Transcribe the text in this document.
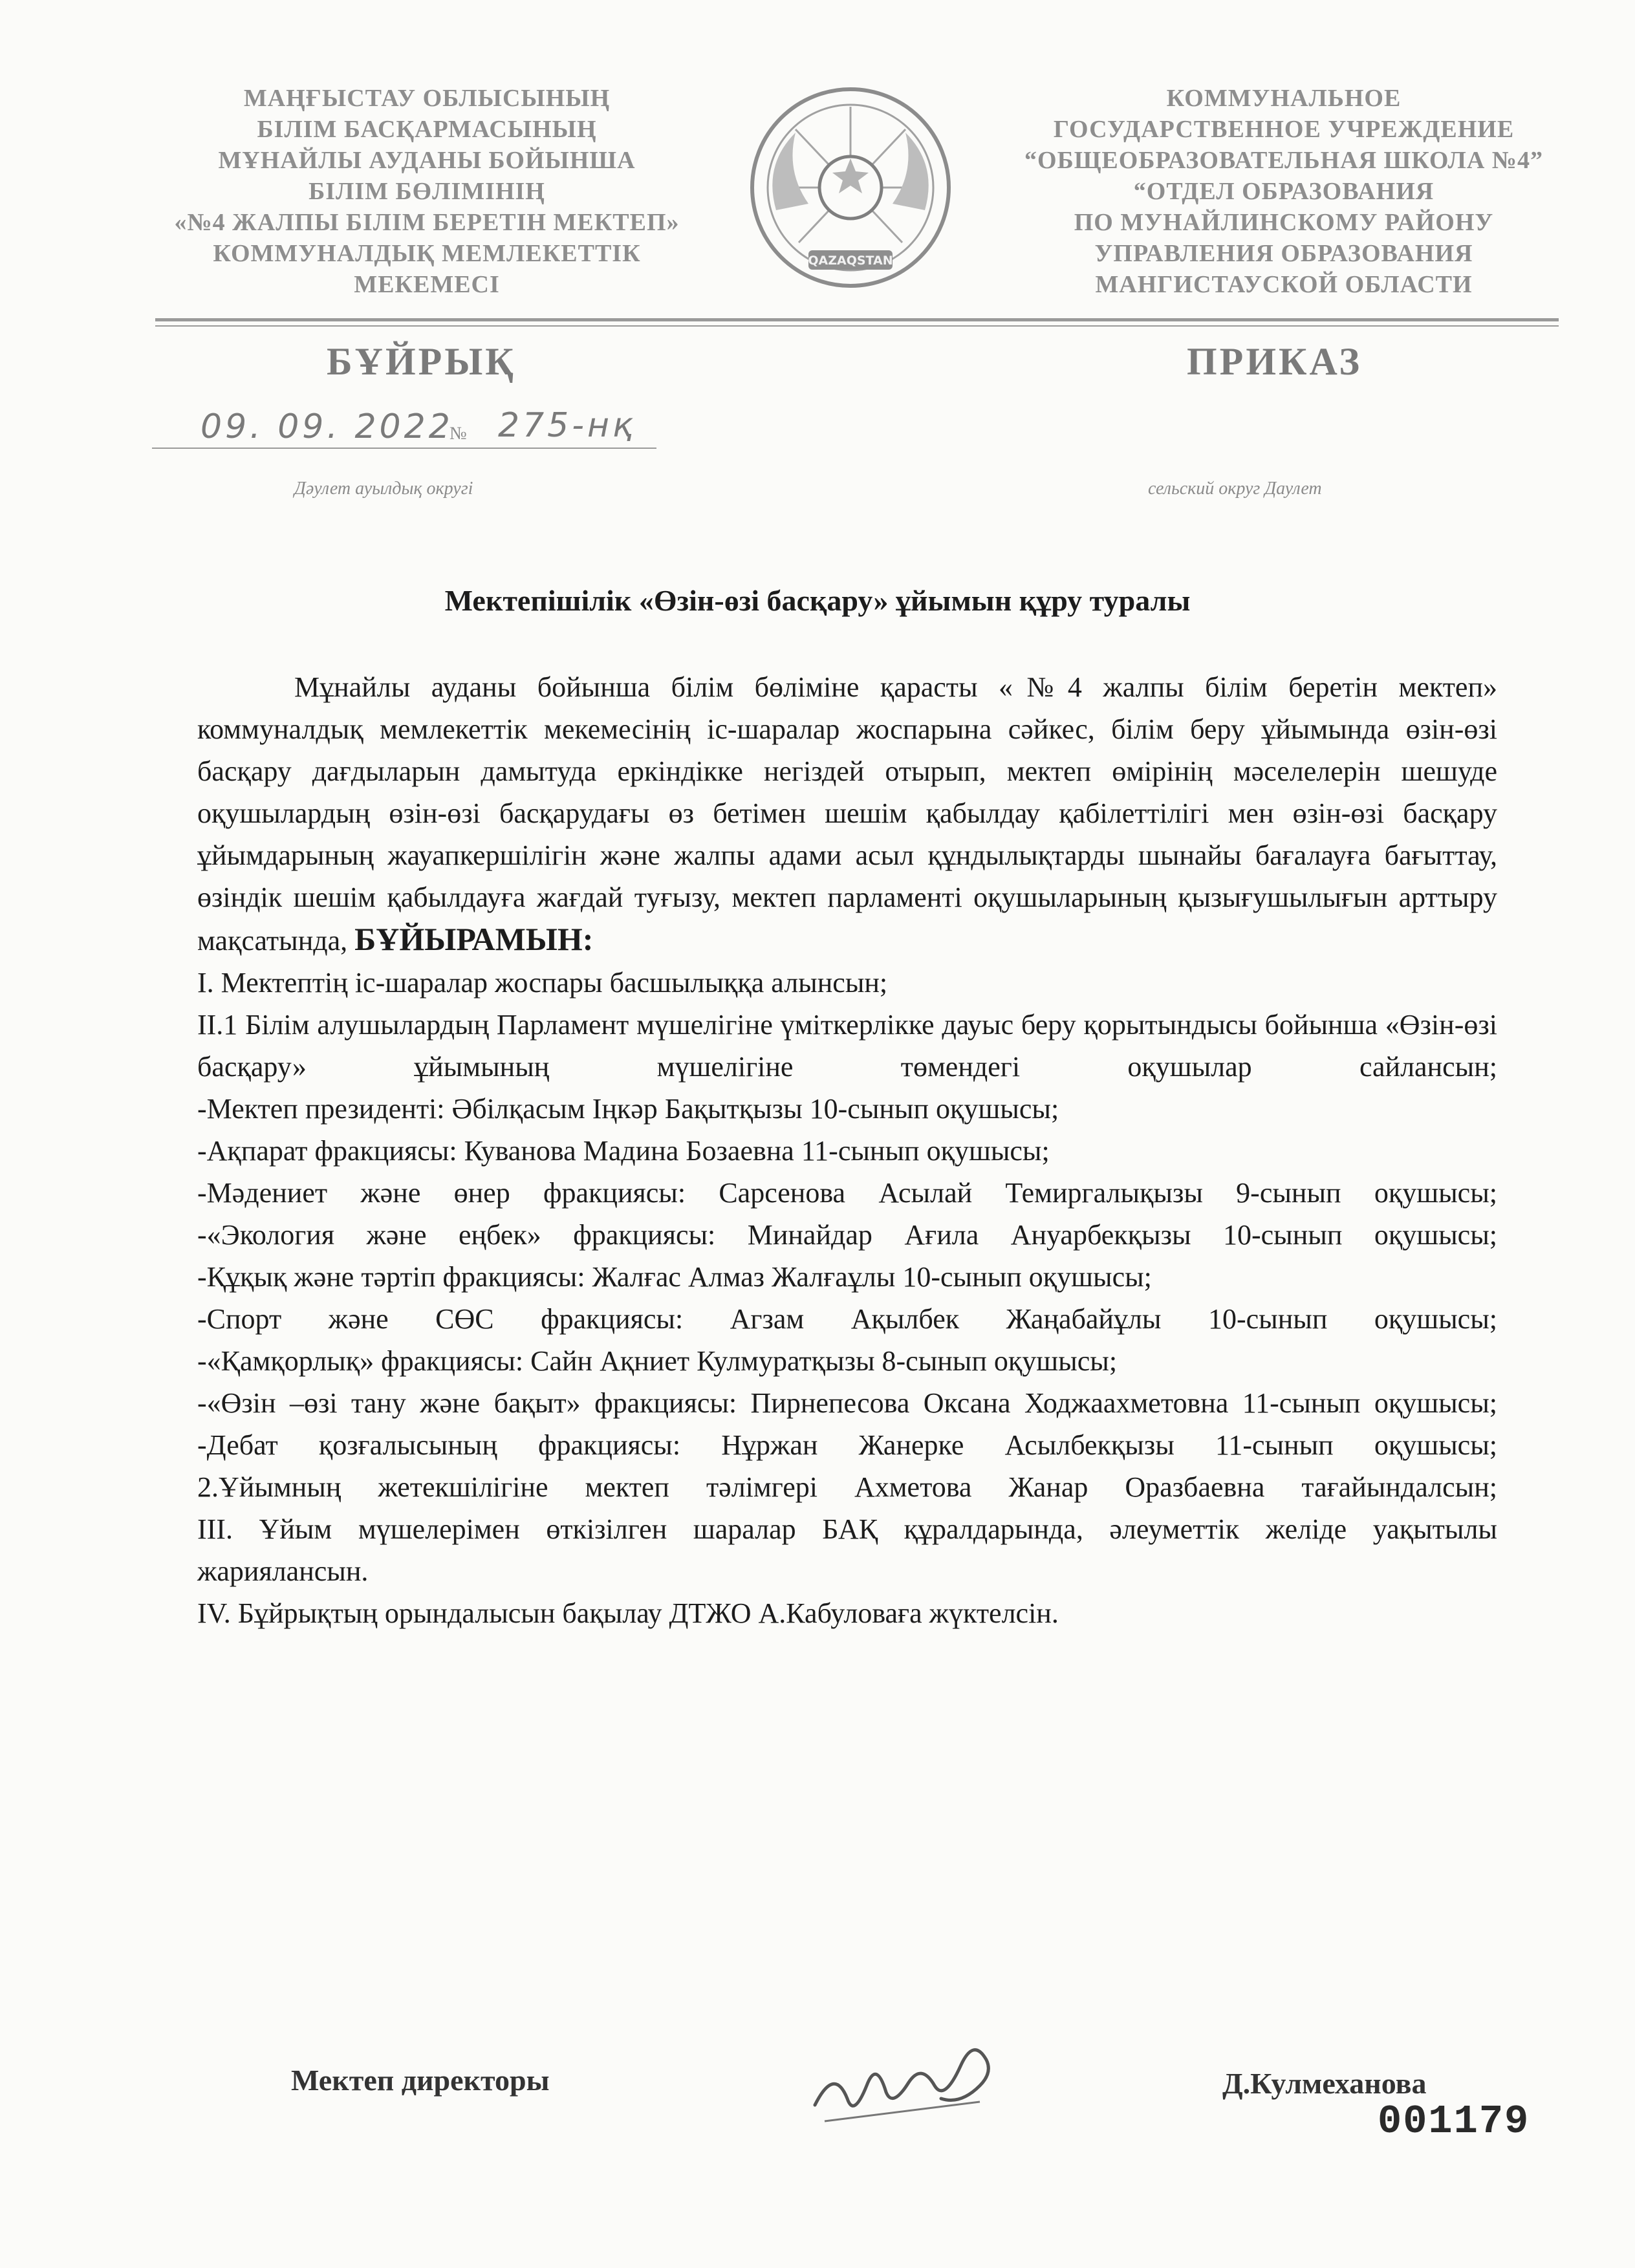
МАҢҒЫСТАУ ОБЛЫСЫНЫҢ
БІЛІМ БАСҚАРМАСЫНЫҢ
МҰНАЙЛЫ АУДАНЫ БОЙЫНША
БІЛІМ БӨЛІМІНІҢ
«№4 ЖАЛПЫ БІЛІМ БЕРЕТІН МЕКТЕП»
КОММУНАЛДЫҚ МЕМЛЕКЕТТІК
МЕКЕМЕСІ
QAZAQSTAN
КОММУНАЛЬНОЕ
ГОСУДАРСТВЕННОЕ УЧРЕЖДЕНИЕ
“ОБЩЕОБРАЗОВАТЕЛЬНАЯ ШКОЛА №4”
“ОТДЕЛ ОБРАЗОВАНИЯ
ПО МУНАЙЛИНСКОМУ РАЙОНУ
УПРАВЛЕНИЯ ОБРАЗОВАНИЯ
МАНГИСТАУСКОЙ ОБЛАСТИ
БҰЙРЫҚ	ПРИКАЗ
09. 09. 2022
№ 275-нқ
Дәулет ауылдық округі	сельский округ Даулет
Мектепішілік «Өзін-өзі басқару» ұйымын құру туралы

Мұнайлы ауданы бойынша білім бөліміне қарасты «№4 жалпы білім беретін мектеп» коммуналдық мемлекеттік мекемесінің іс-шаралар жоспарына сәйкес, білім беру ұйымында өзін-өзі басқару дағдыларын дамытуда еркіндікке негіздей отырып, мектеп өмірінің мәселелерін шешуде оқушылардың өзін-өзі басқарудағы өз бетімен шешім қабылдау қабілеттілігі мен өзін-өзі басқару ұйымдарының жауапкершілігін және жалпы адами асыл құндылықтарды шынайы бағалауға бағыттау, өзіндік шешім қабылдауға жағдай туғызу, мектеп парламенті оқушыларының қызығушылығын арттыру мақсатында, БҰЙЫРАМЫН:

I. Мектептің іс-шаралар жоспары басшылыққа алынсын;

II.1 Білім алушылардың Парламент мүшелігіне үміткерлікке дауыс беру қорытындысы бойынша «Өзін-өзі басқару» ұйымының мүшелігіне төмендегі оқушылар сайлансын;

-Мектеп президенті: Әбілқасым Іңкәр Бақытқызы 10-сынып оқушысы;

-Ақпарат фракциясы: Куванова Мадина Бозаевна 11-сынып оқушысы;

-Мәдениет және өнер фракциясы: Сарсенова Асылай Темиргалықызы 9-сынып оқушысы;

-«Экология және еңбек» фракциясы: Минайдар Ағила Ануарбекқызы 10-сынып оқушысы;

-Құқық және тәртіп фракциясы: Жалғас Алмаз Жалғаұлы 10-сынып оқушысы;

-Спорт және СӨС фракциясы: Агзам Ақылбек Жаңабайұлы 10-сынып оқушысы;

-«Қамқорлық» фракциясы: Сайн Ақниет Кулмуратқызы 8-сынып оқушысы;

-«Өзін –өзі тану және бақыт» фракциясы: Пирнепесова Оксана Ходжаахметовна 11-сынып оқушысы;

-Дебат қозғалысының фракциясы: Нұржан Жанерке Асылбекқызы 11-сынып оқушысы;

2.Ұйымның жетекшілігіне мектеп тәлімгері Ахметова Жанар Оразбаевна тағайындалсын;

III. Ұйым мүшелерімен өткізілген шаралар БАҚ құралдарында, әлеуметтік желіде уақытылы жариялансын.

IV. Бұйрықтың орындалысын бақылау ДТЖО А.Кабуловаға жүктелсін.

Мектеп директоры	Д.Кулмеханова
001179
